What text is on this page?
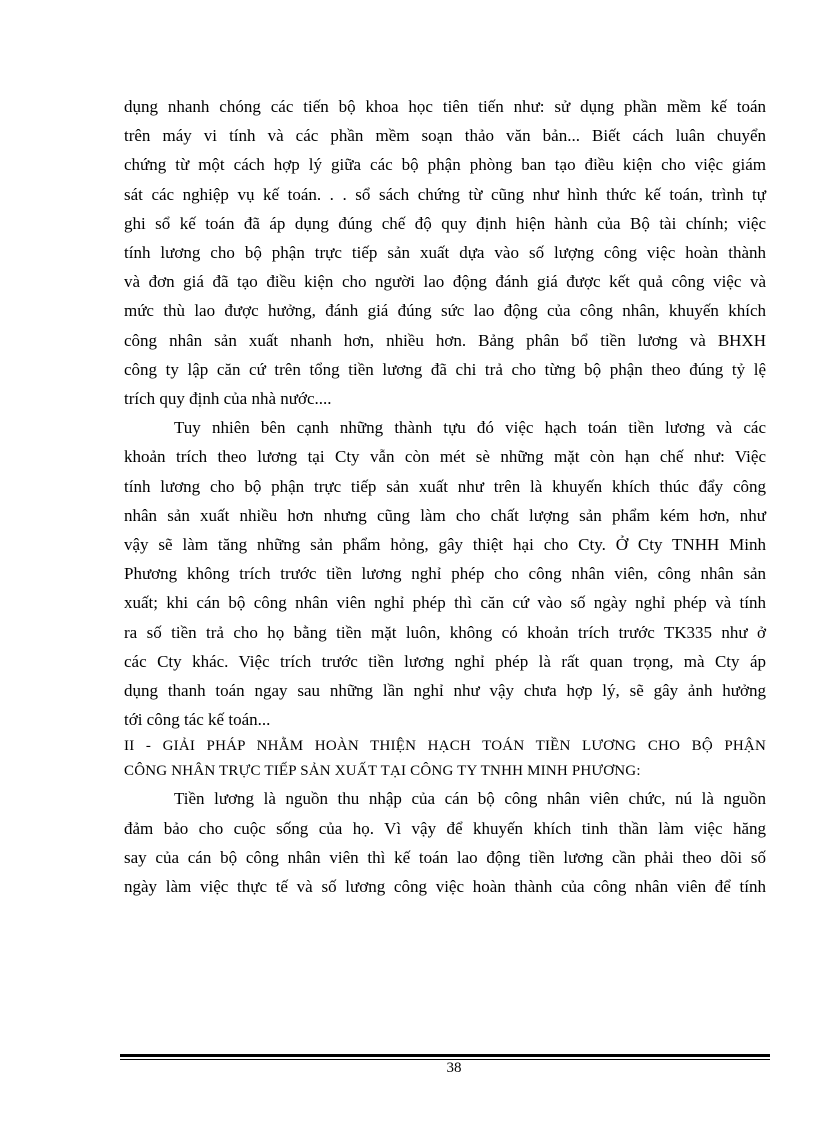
dụng nhanh chóng các tiến bộ khoa học tiên tiến như: sử dụng phần mềm kế toán
trên máy vi tính và các phần mềm soạn thảo văn bản... Biết cách luân chuyển
chứng từ một cách hợp lý giữa các bộ phận phòng ban tạo điều kiện cho việc giám
sát các nghiệp vụ kế toán. . . sổ sách chứng từ cũng như hình thức kế toán, trình tự
ghi sổ kế toán đã áp dụng đúng chế độ quy định hiện hành của Bộ tài chính; việc
tính lương cho bộ phận trực tiếp sản xuất dựa vào số lượng công việc hoàn thành
và đơn giá đã tạo điều kiện cho người lao động đánh giá được kết quả công việc và
mức thù lao được hưởng, đánh giá đúng sức lao động của công nhân, khuyến khích
công nhân sản xuất nhanh hơn, nhiều hơn. Bảng phân bổ tiền lương và BHXH
công ty lập căn cứ trên tổng tiền lương đã chi trả cho từng bộ phận theo đúng tỷ lệ
trích quy định của nhà nước....

Tuy nhiên bên cạnh những thành tựu đó việc hạch toán tiền lương và các
khoản trích theo lương tại Cty vẫn còn mét sè những mặt còn hạn chế như: Việc
tính lương cho bộ phận trực tiếp sản xuất như trên là khuyến khích thúc đẩy công
nhân sản xuất nhiều hơn nhưng cũng làm cho chất lượng sản phẩm kém hơn, như
vậy sẽ làm tăng những sản phẩm hỏng, gây thiệt hại cho Cty. Ở Cty TNHH Minh
Phương không trích trước tiền lương nghỉ phép cho công nhân viên, công nhân sản
xuất; khi cán bộ công nhân viên nghỉ phép thì căn cứ vào số ngày nghỉ phép và tính
ra số tiền trả cho họ bằng tiền mặt luôn, không có khoản trích trước TK335 như ở
các Cty khác. Việc trích trước tiền lương nghỉ phép là rất quan trọng, mà Cty áp
dụng thanh toán ngay sau những lần nghỉ như vậy chưa hợp lý, sẽ gây ảnh hưởng
tới công tác kế toán...

II - GIẢI PHÁP NHẰM HOÀN THIỆN HẠCH TOÁN TIỀN LƯƠNG CHO BỘ PHẬN
CÔNG NHÂN TRỰC TIẾP SẢN XUẤT TẠI CÔNG TY TNHH MINH PHƯƠNG:

Tiền lương là nguồn thu nhập của cán bộ công nhân viên chức, nú là nguồn
đảm bảo cho cuộc sống của họ. Vì vậy để khuyến khích tinh thần làm việc hăng
say của cán bộ công nhân viên thì kế toán lao động tiền lương cần phải theo dõi số
ngày làm việc thực tế và số lương công việc hoàn thành của công nhân viên để tính

38
